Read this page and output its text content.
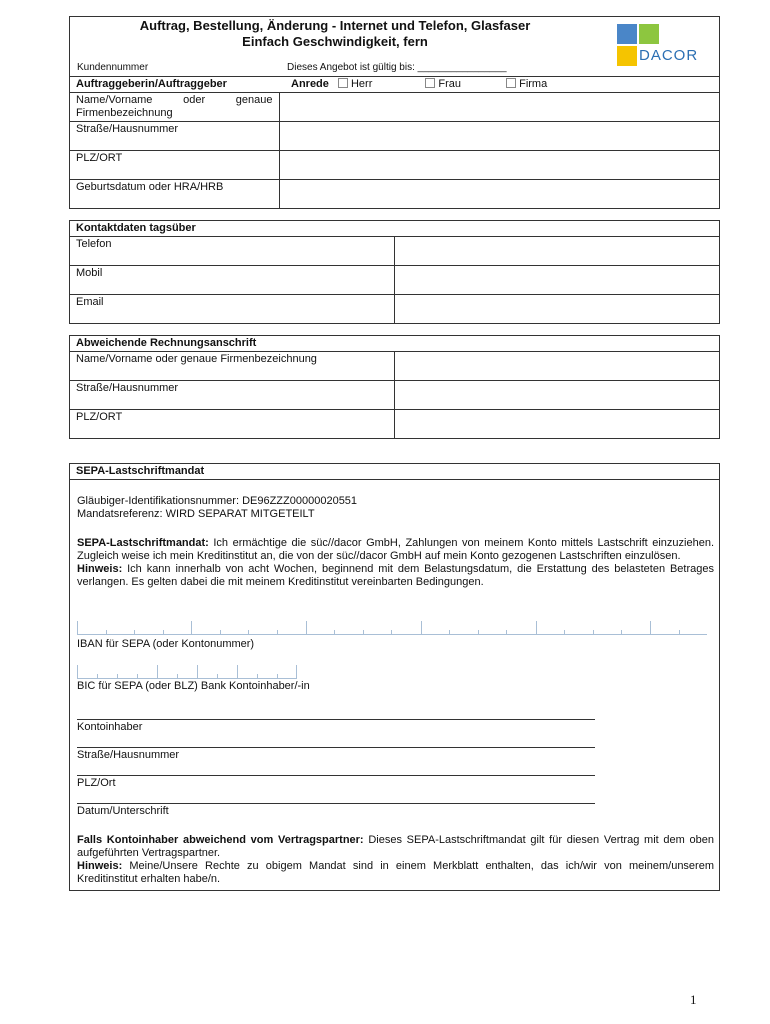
Auftrag, Bestellung, Änderung - Internet und Telefon, Glasfaser
Einfach Geschwindigkeit, fern
DACOR
Kundennummer	Dieses Angebot ist gültig bis: ________________
Auftraggeberin/Auftraggeber	Anrede Herr Frau Firma
Name/Vorname oder genaue Firmenbezeichnung	
Straße/Hausnummer	
PLZ/ORT	
Geburtsdatum oder HRA/HRB	
Kontaktdaten tagsüber	
Telefon	
Mobil	
Email	
Abweichende Rechnungsanschrift	
Name/Vorname oder genaue Firmenbezeichnung	
Straße/Hausnummer	
PLZ/ORT	
SEPA-Lastschriftmandat
Gläubiger-Identifikationsnummer: DE96ZZZ00000020551
Mandatsreferenz: WIRD SEPARAT MITGETEILT
SEPA-Lastschriftmandat: Ich ermächtige die süc//dacor GmbH, Zahlungen von meinem Konto mittels Lastschrift einzuziehen. Zugleich weise ich mein Kreditinstitut an, die von der süc//dacor GmbH auf mein Konto gezogenen Lastschriften einzulösen.
Hinweis: Ich kann innerhalb von acht Wochen, beginnend mit dem Belastungsdatum, die Erstattung des belasteten Betrages verlangen. Es gelten dabei die mit meinem Kreditinstitut vereinbarten Bedingungen.
IBAN für SEPA (oder Kontonummer)
BIC für SEPA (oder BLZ) Bank Kontoinhaber/-in
Kontoinhaber
Straße/Hausnummer
PLZ/Ort
Datum/Unterschrift
Falls Kontoinhaber abweichend vom Vertragspartner: Dieses SEPA-Lastschriftmandat gilt für diesen Vertrag mit dem oben aufgeführten Vertragspartner.
Hinweis: Meine/Unsere Rechte zu obigem Mandat sind in einem Merkblatt enthalten, das ich/wir von meinem/unserem Kreditinstitut erhalten habe/n.
1
